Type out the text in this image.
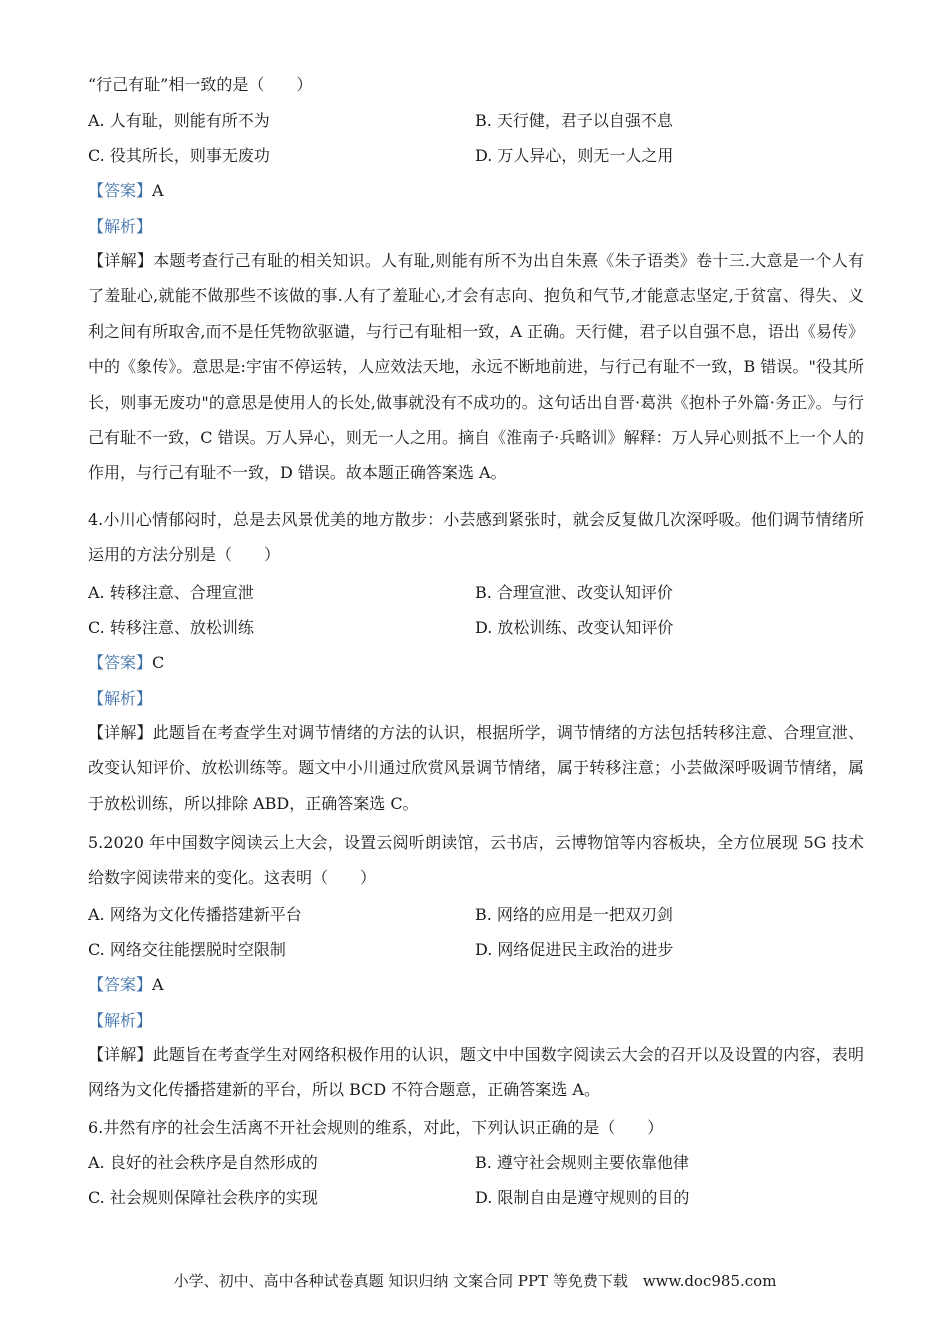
“行己有耻”相一致的是（　　）
A. 人有耻，则能有所不为	B. 天行健，君子以自强不息
C. 役其所长，则事无废功	D. 万人异心，则无一人之用
【答案】A
【解析】
【详解】本题考查行己有耻的相关知识。人有耻,则能有所不为出自朱熹《朱子语类》卷十三.大意是一个人有了羞耻心,就能不做那些不该做的事.人有了羞耻心,才会有志向、抱负和气节,才能意志坚定,于贫富、得失、义利之间有所取舍,而不是任凭物欲驱谴，与行己有耻相一致，A 正确。天行健，君子以自强不息，语出《易传》中的《象传》。意思是:宇宙不停运转，人应效法天地，永远不断地前进，与行己有耻不一致，B 错误。"役其所长，则事无废功"的意思是使用人的长处,做事就没有不成功的。这句话出自晋·葛洪《抱朴子外篇·务正》。与行己有耻不一致，C 错误。万人异心，则无一人之用。摘自《淮南子·兵略训》解释：万人异心则抵不上一个人的作用，与行己有耻不一致，D 错误。故本题正确答案选 A。
4.小川心情郁闷时，总是去风景优美的地方散步：小芸感到紧张时，就会反复做几次深呼吸。他们调节情绪所运用的方法分别是（　　）
A. 转移注意、合理宣泄	B. 合理宣泄、改变认知评价
C. 转移注意、放松训练	D. 放松训练、改变认知评价
【答案】C
【解析】
【详解】此题旨在考查学生对调节情绪的方法的认识，根据所学，调节情绪的方法包括转移注意、合理宣泄、改变认知评价、放松训练等。题文中小川通过欣赏风景调节情绪，属于转移注意；小芸做深呼吸调节情绪，属于放松训练，所以排除 ABD，正确答案选 C。
5.2020 年中国数字阅读云上大会，设置云阅听朗读馆，云书店，云博物馆等内容板块，全方位展现 5G 技术给数字阅读带来的变化。这表明（　　）
A. 网络为文化传播搭建新平台	B. 网络的应用是一把双刃剑
C. 网络交往能摆脱时空限制	D. 网络促进民主政治的进步
【答案】A
【解析】
【详解】此题旨在考查学生对网络积极作用的认识，题文中中国数字阅读云大会的召开以及设置的内容，表明网络为文化传播搭建新的平台，所以 BCD 不符合题意，正确答案选 A。
6.井然有序的社会生活离不开社会规则的维系，对此，下列认识正确的是（　　）
A. 良好的社会秩序是自然形成的	B. 遵守社会规则主要依靠他律
C. 社会规则保障社会秩序的实现	D. 限制自由是遵守规则的目的
小学、初中、高中各种试卷真题 知识归纳 文案合同 PPT 等免费下载　www.doc985.com
